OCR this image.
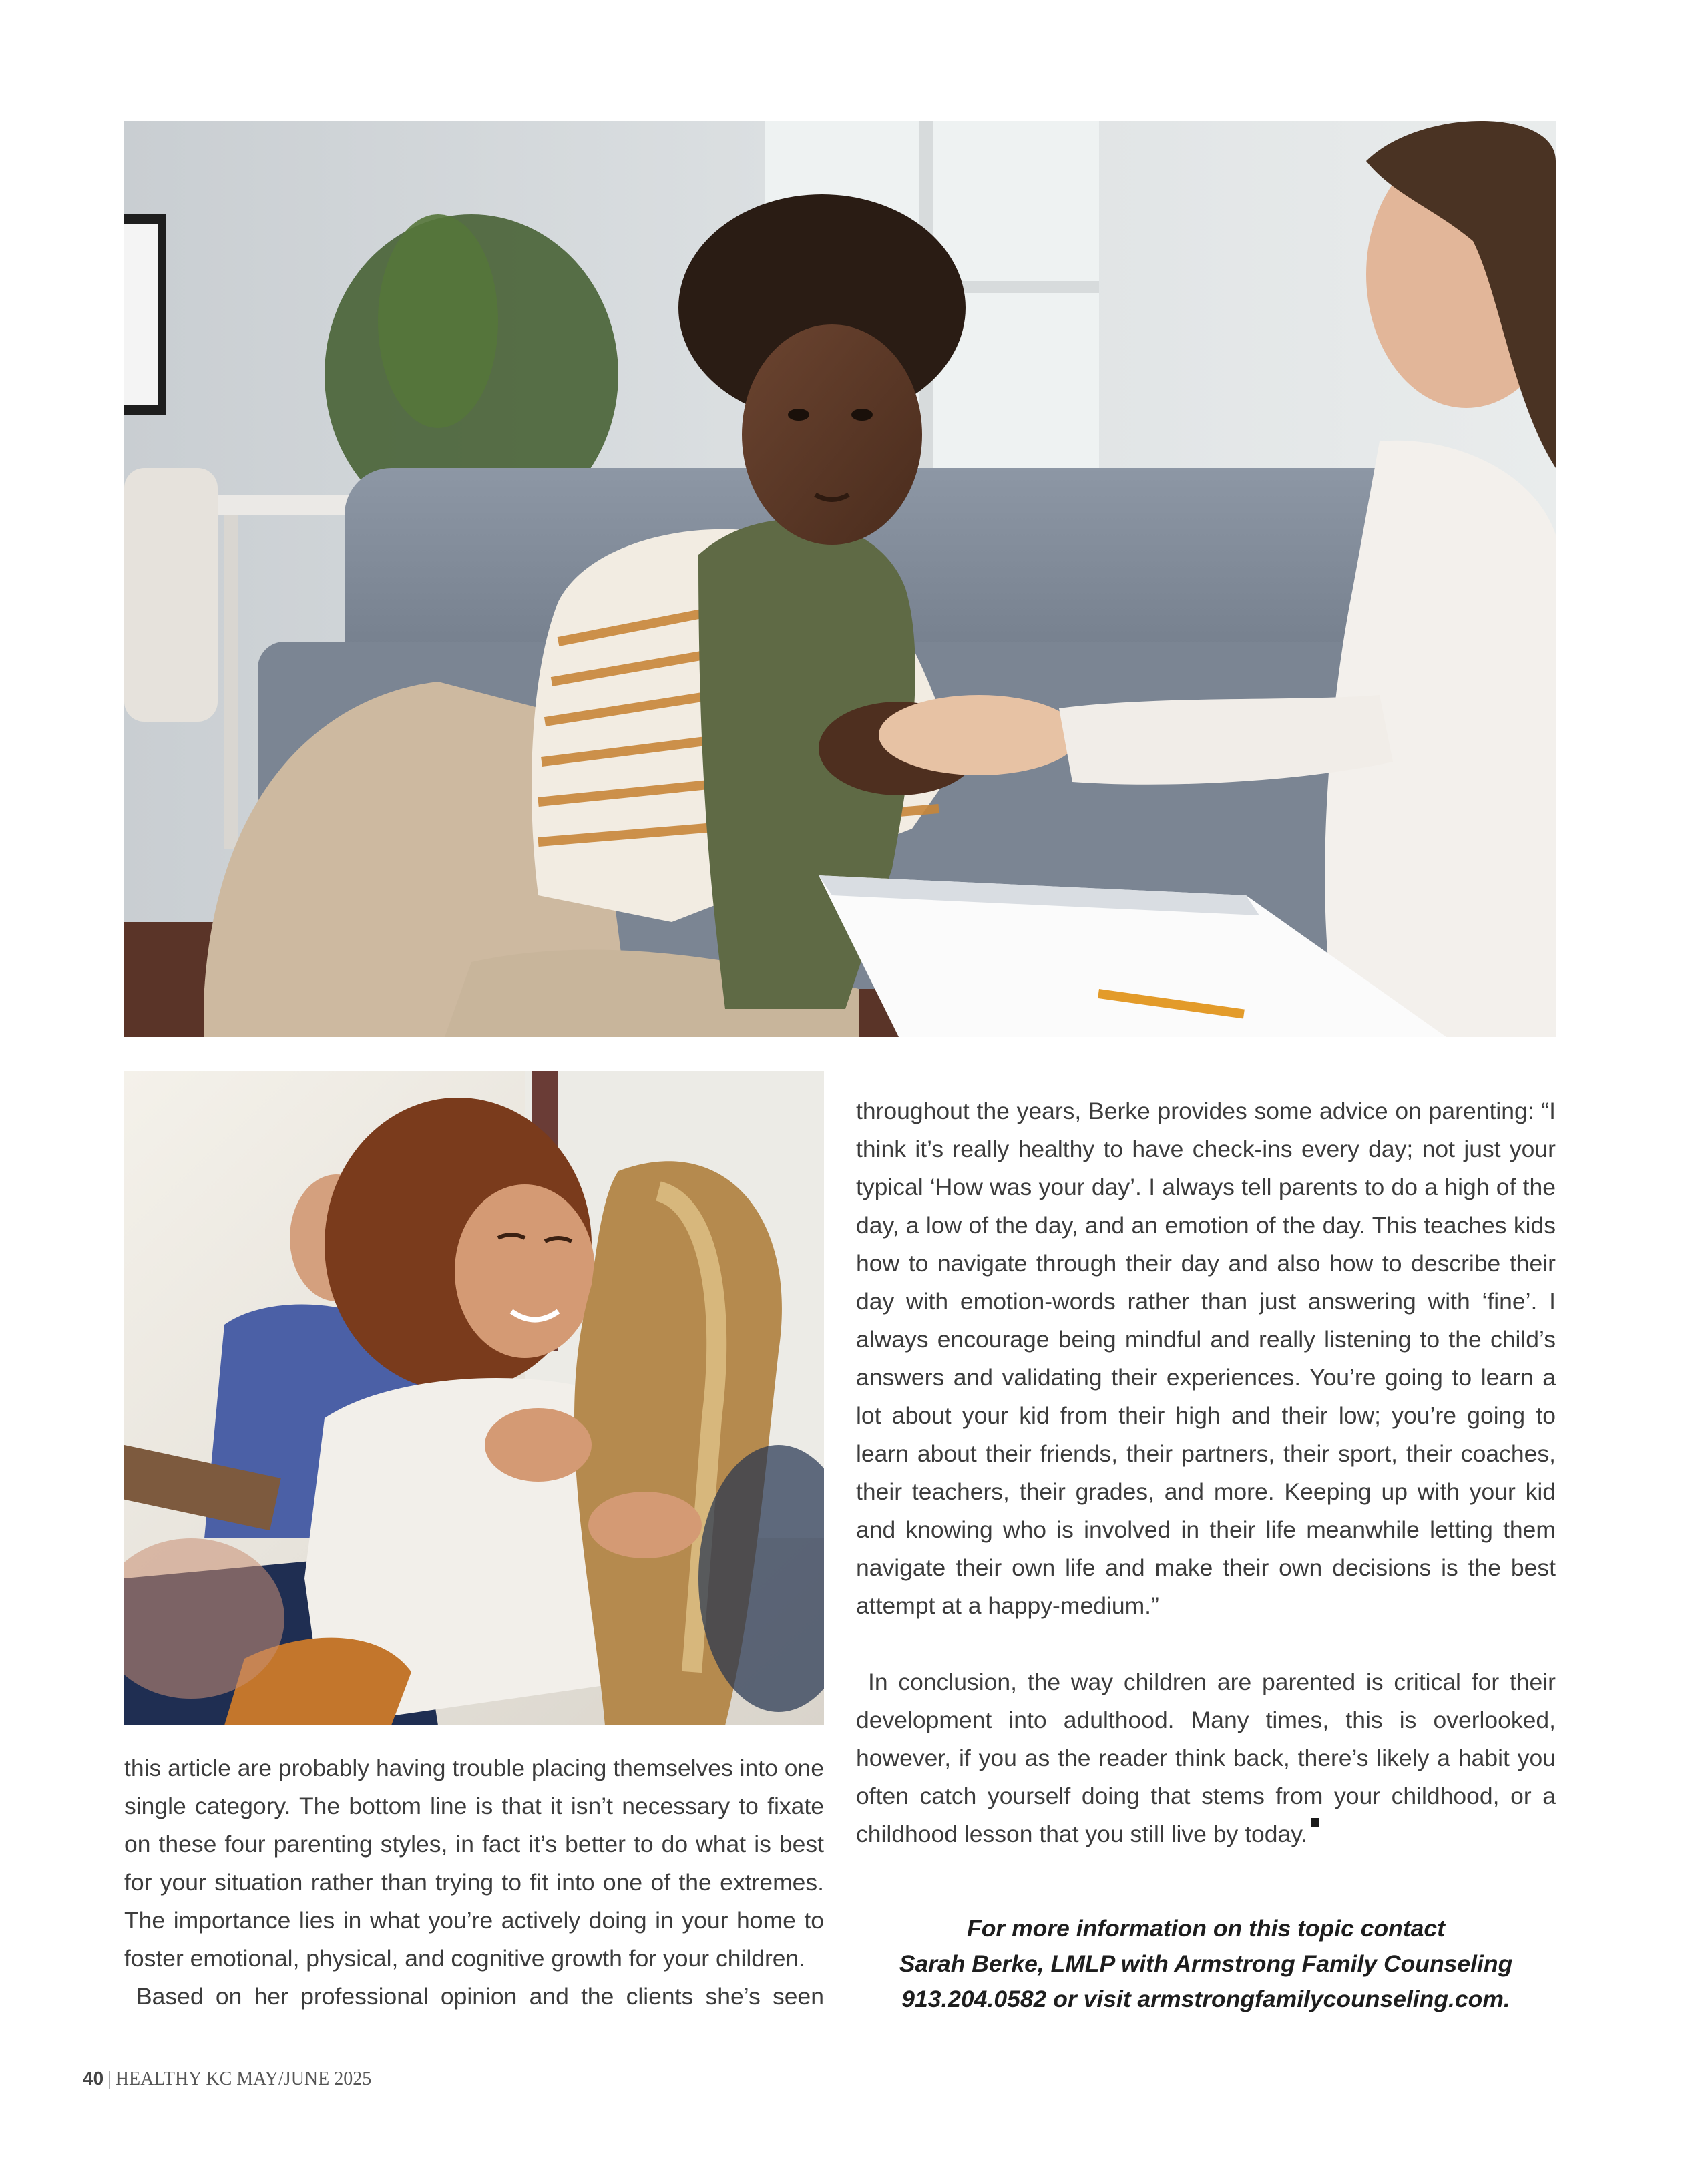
this article are probably having trouble placing themselves into one single category. The bottom line is that it isn’t necessary to fixate on these four parenting styles, in fact it’s better to do what is best for your situation rather than trying to fit into one of the extremes. The importance lies in what you’re actively doing in your home to foster emotional, physical, and cognitive growth for your children.

Based on her professional opinion and the clients she’s seen

throughout the years, Berke provides some advice on parenting: “I think it’s really healthy to have check-ins every day; not just your typical ‘How was your day’. I always tell parents to do a high of the day, a low of the day, and an emotion of the day. This teaches kids how to navigate through their day and also how to describe their day with emotion-words rather than just answering with ‘fine’. I always encourage being mindful and really listening to the child’s answers and validating their experiences. You’re going to learn a lot about your kid from their high and their low; you’re going to learn about their friends, their partners, their sport, their coaches, their teachers, their grades, and more. Keeping up with your kid and knowing who is involved in their life meanwhile letting them navigate their own life and make their own decisions is the best attempt at a happy-medium.”

In conclusion, the way children are parented is critical for their development into adulthood. Many times, this is overlooked, however, if you as the reader think back, there’s likely a habit you often catch yourself doing that stems from your childhood, or a childhood lesson that you still live by today.

For more information on this topic contact
Sarah Berke, LMLP with Armstrong Family Counseling
913.204.0582 or visit armstrongfamilycounseling.com.
40 | HEALTHY KC MAY/JUNE 2025
